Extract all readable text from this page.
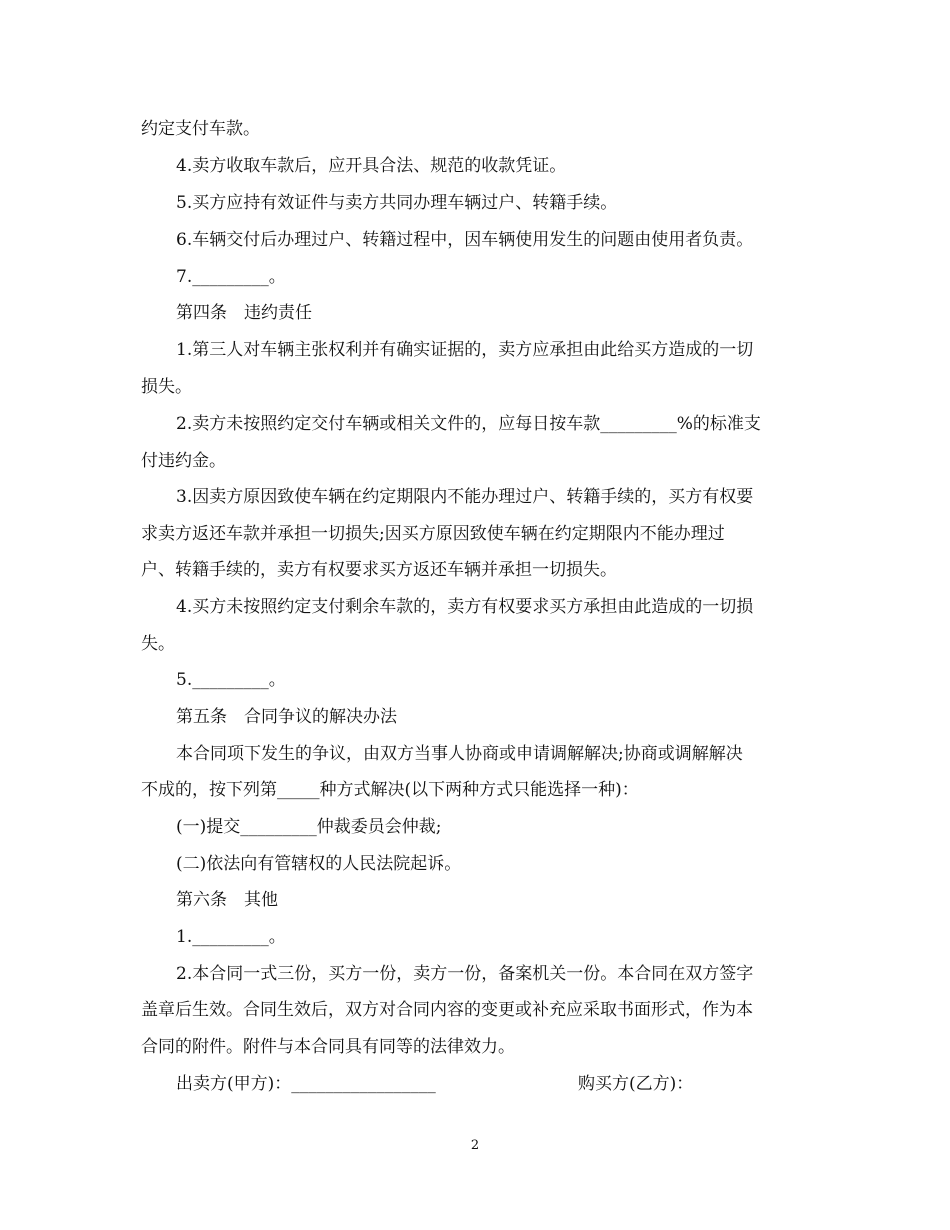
约定支付车款。
4.卖方收取车款后，应开具合法、规范的收款凭证。
5.买方应持有效证件与卖方共同办理车辆过户、转籍手续。
6.车辆交付后办理过户、转籍过程中，因车辆使用发生的问题由使用者负责。
7._________。
第四条　违约责任
1.第三人对车辆主张权利并有确实证据的，卖方应承担由此给买方造成的一切
损失。
2.卖方未按照约定交付车辆或相关文件的，应每日按车款_________%的标准支
付违约金。
3.因卖方原因致使车辆在约定期限内不能办理过户、转籍手续的，买方有权要
求卖方返还车款并承担一切损失;因买方原因致使车辆在约定期限内不能办理过
户、转籍手续的，卖方有权要求买方返还车辆并承担一切损失。
4.买方未按照约定支付剩余车款的，卖方有权要求买方承担由此造成的一切损
失。
5._________。
第五条　合同争议的解决办法
本合同项下发生的争议，由双方当事人协商或申请调解解决;协商或调解解决
不成的，按下列第_____种方式解决(以下两种方式只能选择一种)：
(一)提交_________仲裁委员会仲裁;
(二)依法向有管辖权的人民法院起诉。
第六条　其他
1._________。
2.本合同一式三份，买方一份，卖方一份，备案机关一份。本合同在双方签字
盖章后生效。合同生效后，双方对合同内容的变更或补充应采取书面形式，作为本
合同的附件。附件与本合同具有同等的法律效力。
出卖方(甲方)：_________________	购买方(乙方)：
2
